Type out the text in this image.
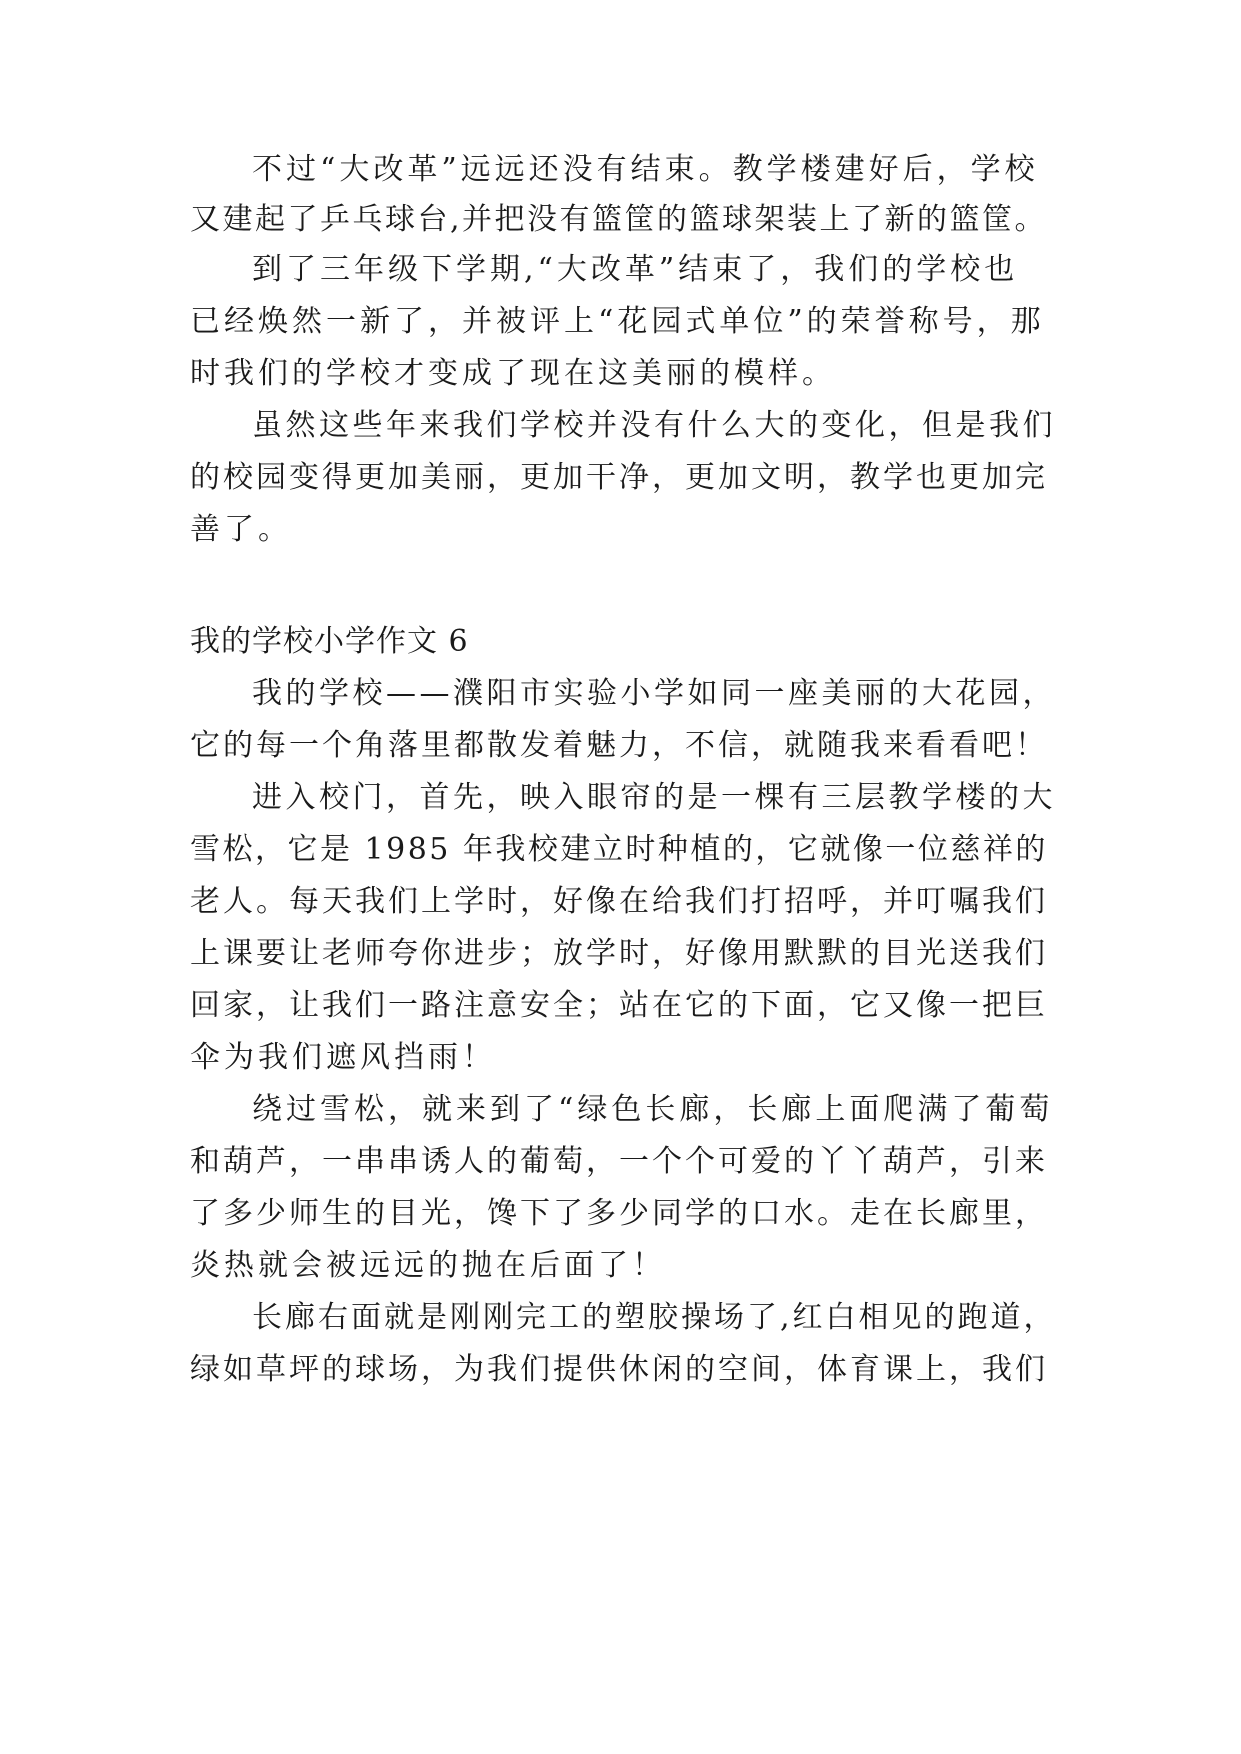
不过“大改革”远远还没有结束。教学楼建好后，学校
又建起了乒乓球台,并把没有篮筐的篮球架装上了新的篮筐。
到了三年级下学期,“大改革”结束了，我们的学校也
已经焕然一新了，并被评上“花园式单位”的荣誉称号，那
时我们的学校才变成了现在这美丽的模样。
虽然这些年来我们学校并没有什么大的变化，但是我们
的校园变得更加美丽，更加干净，更加文明，教学也更加完
善了。
我的学校小学作文 6
我的学校——濮阳市实验小学如同一座美丽的大花园，
它的每一个角落里都散发着魅力，不信，就随我来看看吧！
进入校门，首先，映入眼帘的是一棵有三层教学楼的大
雪松，它是 1985 年我校建立时种植的，它就像一位慈祥的
老人。每天我们上学时，好像在给我们打招呼，并叮嘱我们
上课要让老师夸你进步；放学时，好像用默默的目光送我们
回家，让我们一路注意安全；站在它的下面，它又像一把巨
伞为我们遮风挡雨！
绕过雪松，就来到了“绿色长廊，长廊上面爬满了葡萄
和葫芦，一串串诱人的葡萄，一个个可爱的丫丫葫芦，引来
了多少师生的目光，馋下了多少同学的口水。走在长廊里，
炎热就会被远远的抛在后面了！
长廊右面就是刚刚完工的塑胶操场了,红白相见的跑道，
绿如草坪的球场，为我们提供休闲的空间，体育课上，我们
